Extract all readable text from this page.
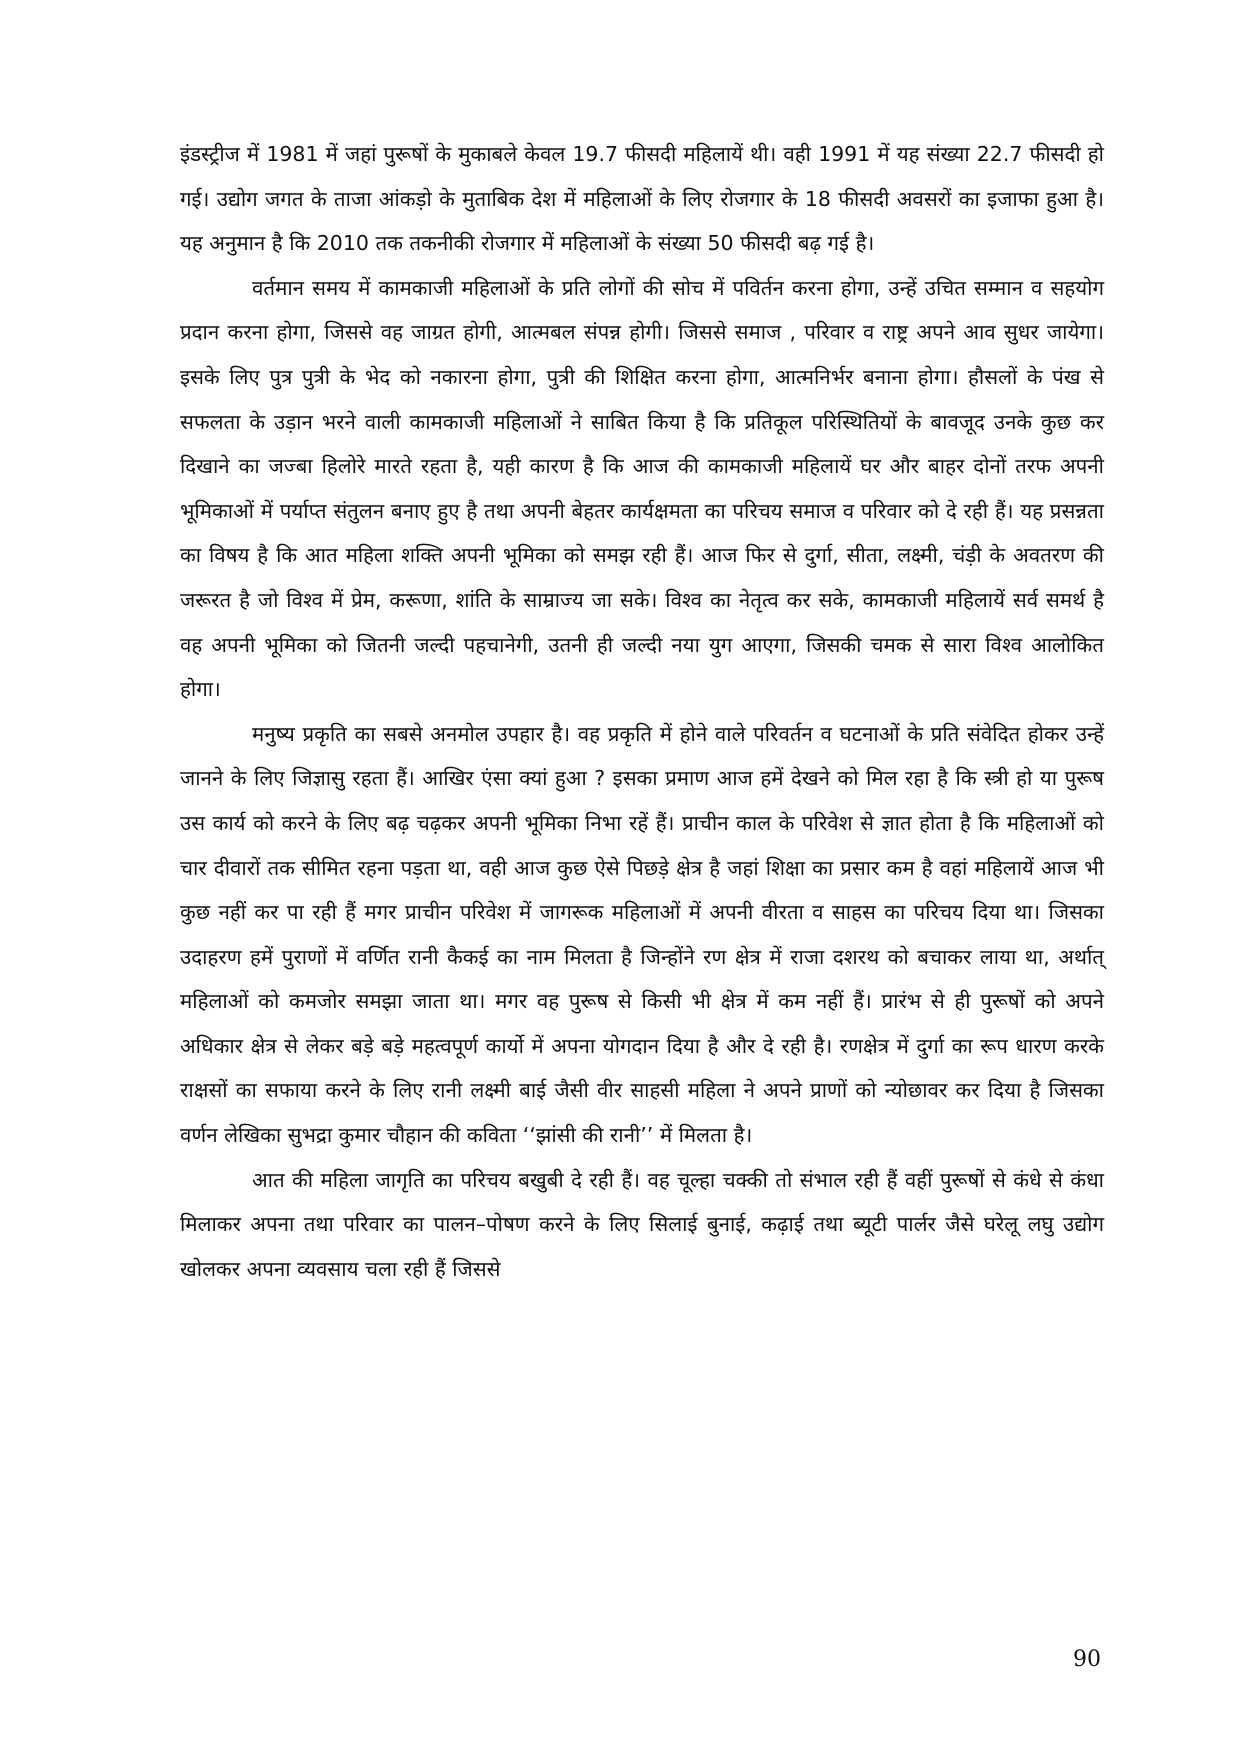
इंडस्ट्रीज में 1981 में जहां पुरूषों के मुकाबले केवल 19.7 फीसदी महिलायें थी। वही 1991 में यह संख्या 22.7 फीसदी हो गई। उद्योग जगत के ताजा आंकड़ो के मुताबिक देश में महिलाओं के लिए रोजगार के 18 फीसदी अवसरों का इजाफा हुआ है। यह अनुमान है कि 2010 तक तकनीकी रोजगार में महिलाओं के संख्या 50 फीसदी बढ़ गई है।

वर्तमान समय में कामकाजी महिलाओं के प्रति लोगों की सोच में पविर्तन करना होगा, उन्हें उचित सम्मान व सहयोग प्रदान करना होगा, जिससे वह जाग्रत होगी, आत्मबल संपन्न होगी। जिससे समाज , परिवार व राष्ट्र अपने आव सुधर जायेगा। इसके लिए पुत्र पुत्री के भेद को नकारना होगा, पुत्री की शिक्षित करना होगा, आत्मनिर्भर बनाना होगा। हौसलों के पंख से सफलता के उड़ान भरने वाली कामकाजी महिलाओं ने साबित किया है कि प्रतिकूल परिस्थितियों के बावजूद उनके कुछ कर दिखाने का जज्बा हिलोरे मारते रहता है, यही कारण है कि आज की कामकाजी महिलायें घर और बाहर दोनों तरफ अपनी भूमिकाओं में पर्याप्त संतुलन बनाए हुए है तथा अपनी बेहतर कार्यक्षमता का परिचय समाज व परिवार को दे रही हैं। यह प्रसन्नता का विषय है कि आत महिला शक्ति अपनी भूमिका को समझ रही हैं। आज फिर से दुर्गा, सीता, लक्ष्मी, चंड़ी के अवतरण की जरूरत है जो विश्व में प्रेम, करूणा, शांति के साम्राज्य जा सके। विश्व का नेतृत्व कर सके, कामकाजी महिलायें सर्व समर्थ है वह अपनी भूमिका को जितनी जल्दी पहचानेगी, उतनी ही जल्दी नया युग आएगा, जिसकी चमक से सारा विश्व आलोकित होगा।

मनुष्य प्रकृति का सबसे अनमोल उपहार है। वह प्रकृति में होने वाले परिवर्तन व घटनाओं के प्रति संवेदित होकर उन्हें जानने के लिए जिज्ञासु रहता हैं। आखिर एंसा क्यां हुआ ? इसका प्रमाण आज हमें देखने को मिल रहा है कि स्त्री हो या पुरूष उस कार्य को करने के लिए बढ़ चढ़कर अपनी भूमिका निभा रहें हैं। प्राचीन काल के परिवेश से ज्ञात होता है कि महिलाओं को चार दीवारों तक सीमित रहना पड़ता था, वही आज कुछ ऐसे पिछड़े क्षेत्र है जहां शिक्षा का प्रसार कम है वहां महिलायें आज भी कुछ नहीं कर पा रही हैं मगर प्राचीन परिवेश में जागरूक महिलाओं में अपनी वीरता व साहस का परिचय दिया था। जिसका उदाहरण हमें पुराणों में वर्णित रानी कैकई का नाम मिलता है जिन्होंने रण क्षेत्र में राजा दशरथ को बचाकर लाया था, अर्थात् महिलाओं को कमजोर समझा जाता था। मगर वह पुरूष से किसी भी क्षेत्र में कम नहीं हैं। प्रारंभ से ही पुरूषों को अपने अधिकार क्षेत्र से लेकर बड़े बड़े महत्वपूर्ण कार्यो में अपना योगदान दिया है और दे रही है। रणक्षेत्र में दुर्गा का रूप धारण करके राक्षसों का सफाया करने के लिए रानी लक्ष्मी बाई जैसी वीर साहसी महिला ने अपने प्राणों को न्योछावर कर दिया है जिसका वर्णन लेखिका सुभद्रा कुमार चौहान की कविता ‘‘झांसी की रानी’’ में मिलता है।

आत की महिला जागृति का परिचय बखुबी दे रही हैं। वह चूल्हा चक्की तो संभाल रही हैं वहीं पुरूषों से कंधे से कंधा मिलाकर अपना तथा परिवार का पालन–पोषण करने के लिए सिलाई बुनाई, कढ़ाई तथा ब्यूटी पार्लर जैसे घरेलू लघु उद्योग खोलकर अपना व्यवसाय चला रही हैं जिससे

90
